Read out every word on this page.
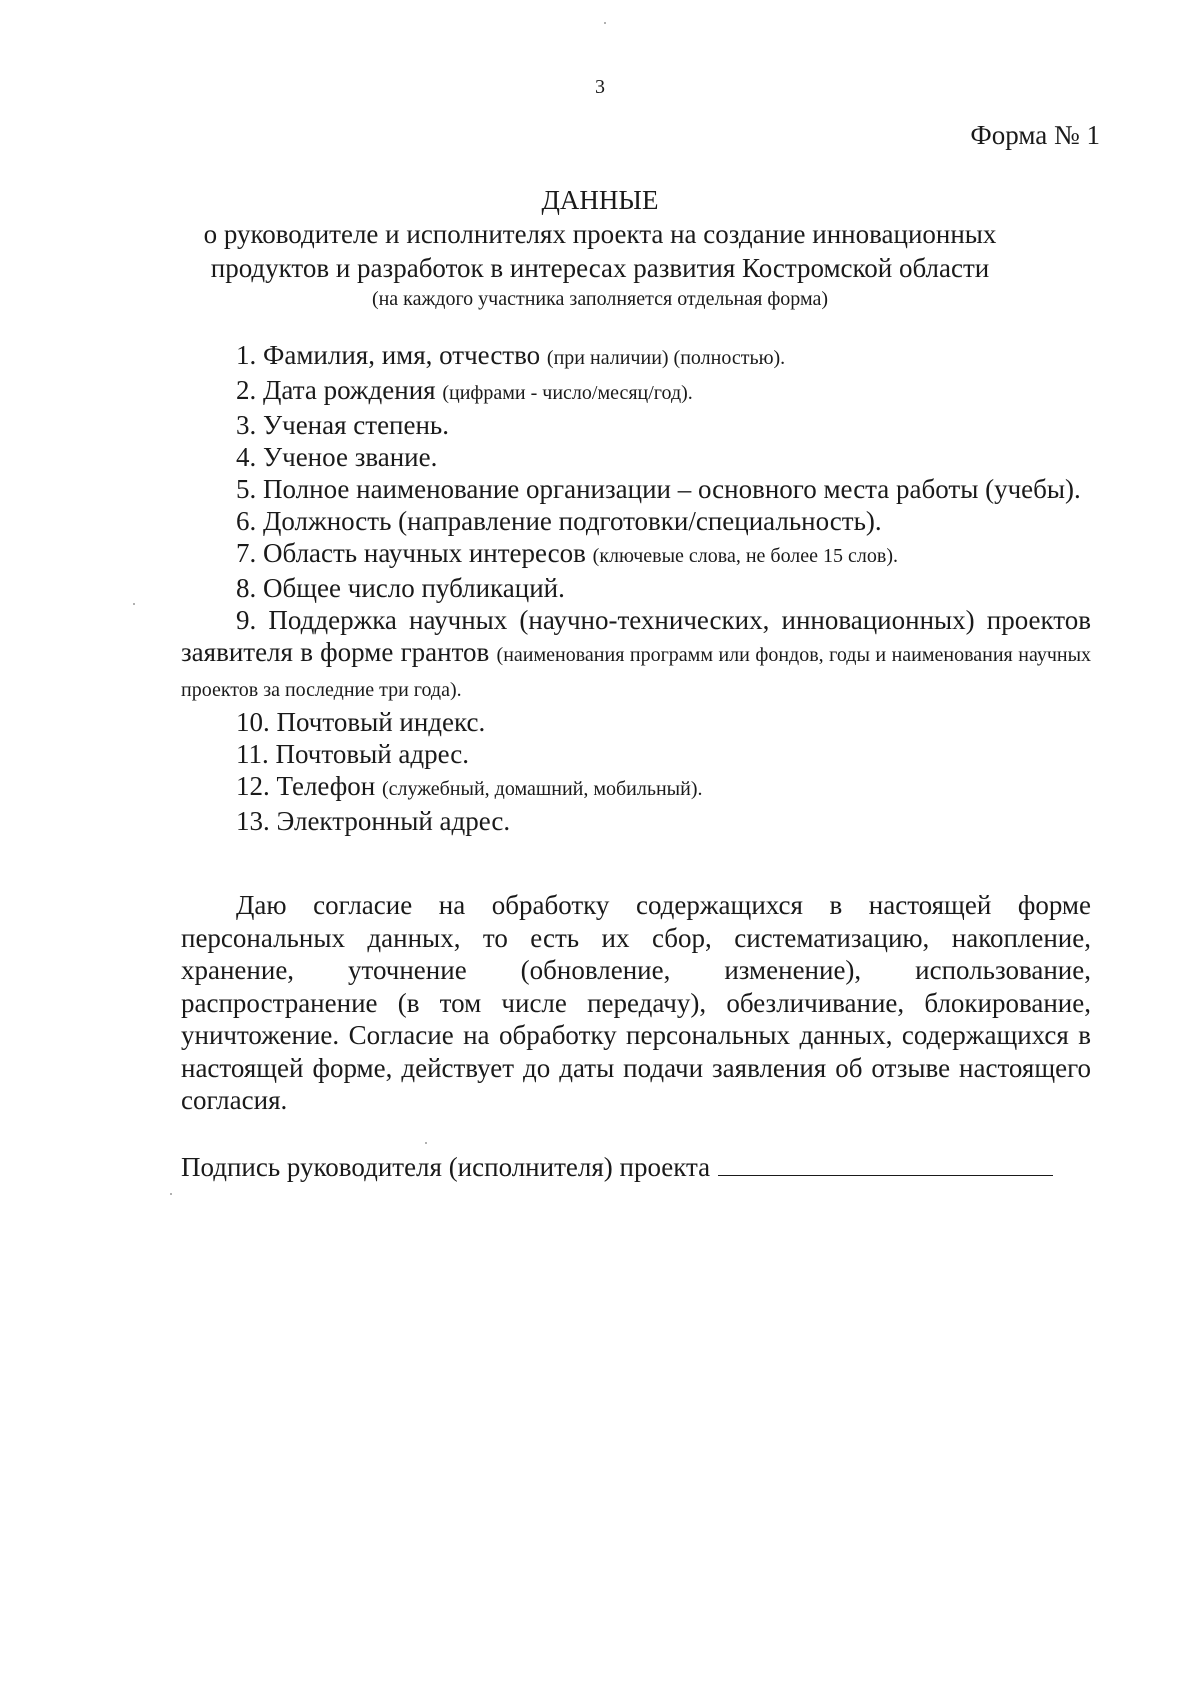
3
Форма № 1
ДАННЫЕ
о руководителе и исполнителях проекта на создание инновационных
продуктов и разработок в интересах развития Костромской области
(на каждого участника заполняется отдельная форма)
1. Фамилия, имя, отчество (при наличии) (полностью).
2. Дата рождения (цифрами - число/месяц/год).
3. Ученая степень.
4. Ученое звание.
5. Полное наименование организации – основного места работы (учебы).
6. Должность (направление подготовки/специальность).
7. Область научных интересов (ключевые слова, не более 15 слов).
8. Общее число публикаций.
9. Поддержка научных (научно-технических, инновационных) проектов заявителя в форме грантов (наименования программ или фондов, годы и наименования научных проектов за последние три года).
10. Почтовый индекс.
11. Почтовый адрес.
12. Телефон (служебный, домашний, мобильный).
13. Электронный адрес.
Даю согласие на обработку содержащихся в настоящей форме персональных данных, то есть их сбор, систематизацию, накопление, хранение, уточнение (обновление, изменение), использование, распространение (в том числе передачу), обезличивание, блокирование, уничтожение. Согласие на обработку персональных данных, содержащихся в настоящей форме, действует до даты подачи заявления об отзыве настоящего согласия.
Подпись руководителя (исполнителя) проекта
